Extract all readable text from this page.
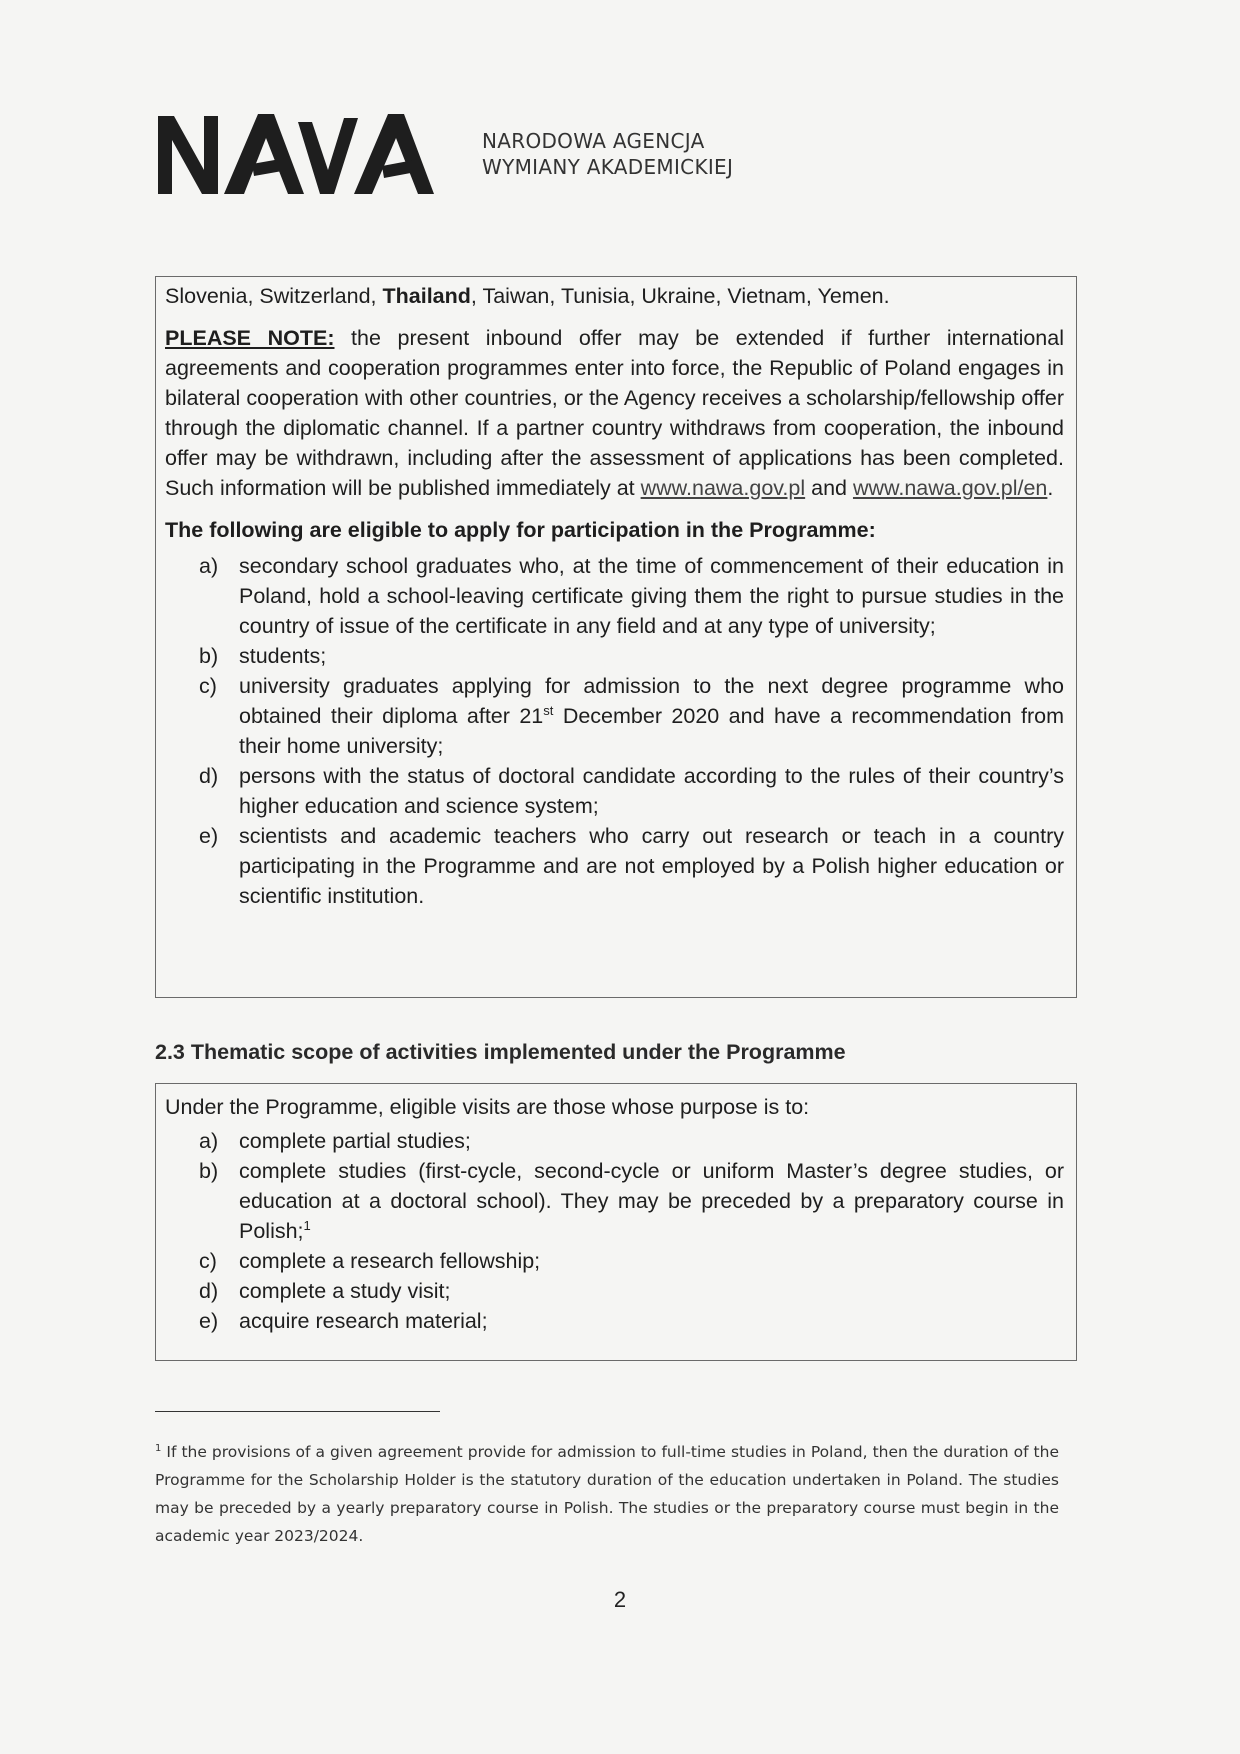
NARODOWA AGENCJA
WYMIANY AKADEMICKIEJ

Slovenia, Switzerland, Thailand, Taiwan, Tunisia, Ukraine, Vietnam, Yemen.

PLEASE NOTE: the present inbound offer may be extended if further international agreements and cooperation programmes enter into force, the Republic of Poland engages in bilateral cooperation with other countries, or the Agency receives a scholarship/fellowship offer through the diplomatic channel. If a partner country withdraws from cooperation, the inbound offer may be withdrawn, including after the assessment of applications has been completed. Such information will be published immediately at www.nawa.gov.pl and www.nawa.gov.pl/en.

The following are eligible to apply for participation in the Programme:

a) secondary school graduates who, at the time of commencement of their education in Poland, hold a school-leaving certificate giving them the right to pursue studies in the country of issue of the certificate in any field and at any type of university;
b) students;
c) university graduates applying for admission to the next degree programme who obtained their diploma after 21st December 2020 and have a recommendation from their home university;
d) persons with the status of doctoral candidate according to the rules of their country’s higher education and science system;
e) scientists and academic teachers who carry out research or teach in a country participating in the Programme and are not employed by a Polish higher education or scientific institution.
2.3 Thematic scope of activities implemented under the Programme

Under the Programme, eligible visits are those whose purpose is to:

a) complete partial studies;
b) complete studies (first-cycle, second-cycle or uniform Master’s degree studies, or education at a doctoral school). They may be preceded by a preparatory course in Polish;$^1$
c) complete a research fellowship;
d) complete a study visit;
e) acquire research material;
$^1$ If the provisions of a given agreement provide for admission to full-time studies in Poland, then the duration of the Programme for the Scholarship Holder is the statutory duration of the education undertaken in Poland. The studies may be preceded by a yearly preparatory course in Polish. The studies or the preparatory course must begin in the academic year 2023/2024.
2
